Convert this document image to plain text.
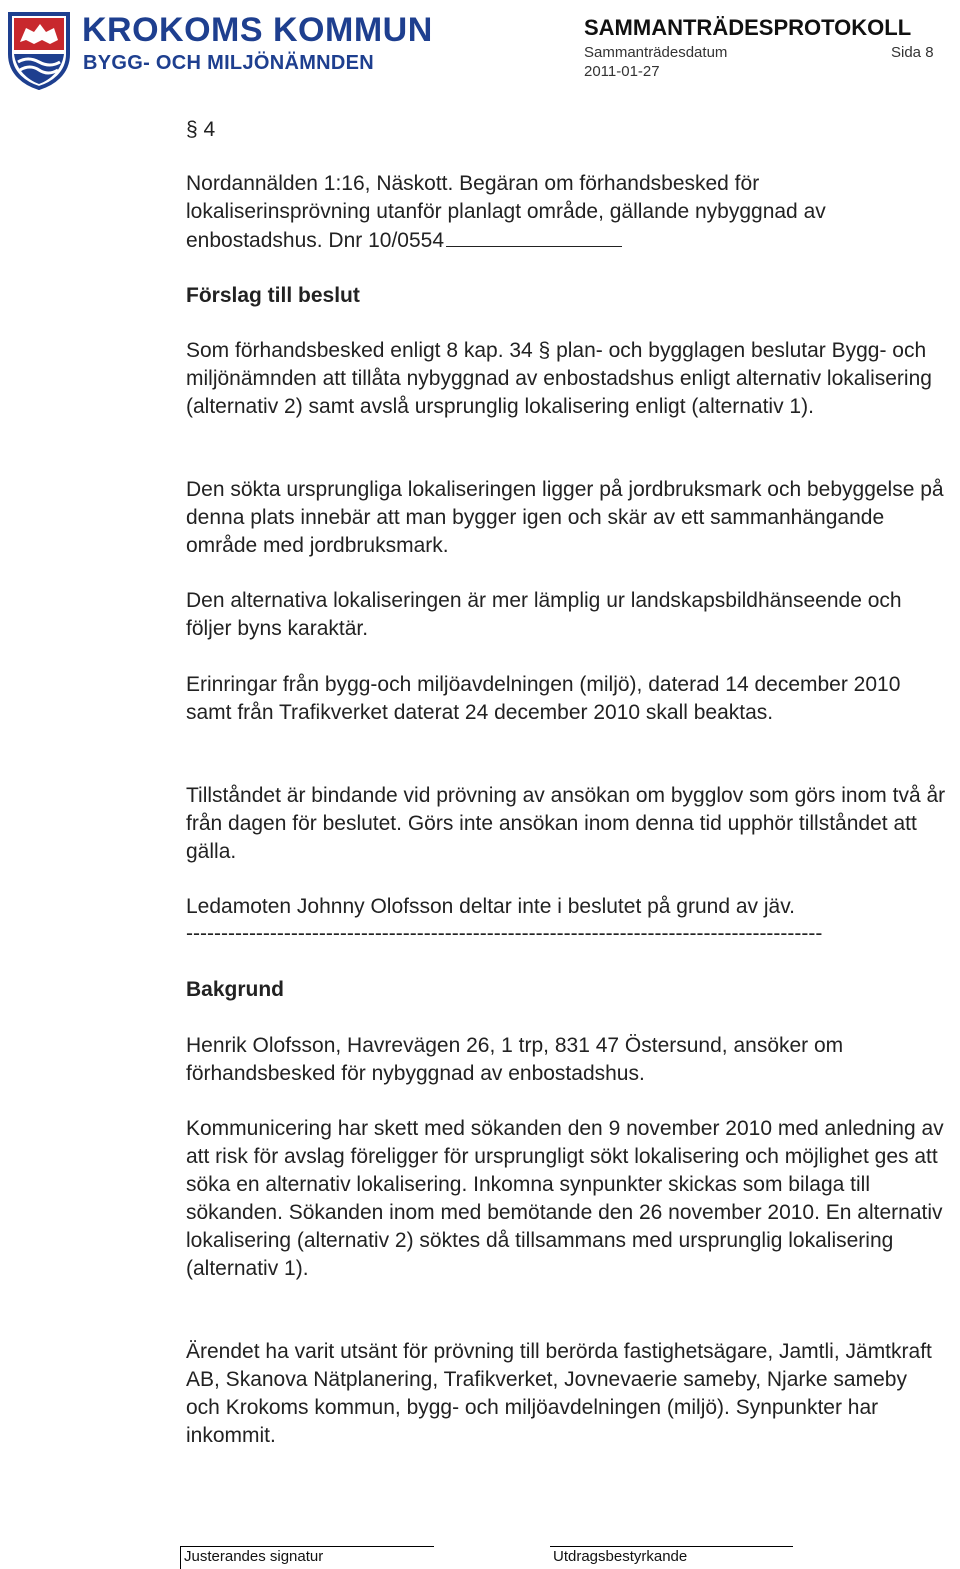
KROKOMS KOMMUN
BYGG- OCH MILJÖNÄMNDEN
SAMMANTRÄDESPROTOKOLL
Sammanträdesdatum	Sida 8
2011-01-27

§ 4

Nordannälden 1:16, Näskott. Begäran om förhandsbesked för lokaliserinsprövning utanför planlagt område, gällande nybyggnad av enbostadshus. Dnr 10/0554

Förslag till beslut

Som förhandsbesked enligt 8 kap. 34 § plan- och bygglagen beslutar Bygg- och miljönämnden att tillåta nybyggnad av enbostadshus enligt alternativ lokalisering (alternativ 2) samt avslå ursprunglig lokalisering enligt (alternativ 1).

Den sökta ursprungliga lokaliseringen ligger på jordbruksmark och bebyggelse på denna plats innebär att man bygger igen och skär av ett sammanhängande område med jordbruksmark.

Den alternativa lokaliseringen är mer lämplig ur landskapsbildhänseende och följer byns karaktär.

Erinringar från bygg-och miljöavdelningen (miljö), daterad 14 december 2010 samt från Trafikverket daterat 24 december 2010 skall beaktas.

Tillståndet är bindande vid prövning av ansökan om bygglov som görs inom två år från dagen för beslutet. Görs inte ansökan inom denna tid upphör tillståndet att gälla.

Ledamoten Johnny Olofsson deltar inte i beslutet på grund av jäv.

-------------------------------------------------------------------------------------------

Bakgrund

Henrik Olofsson, Havrevägen 26, 1 trp, 831 47 Östersund, ansöker om förhandsbesked för nybyggnad av enbostadshus.

Kommunicering har skett med sökanden den 9 november 2010 med anledning av att risk för avslag föreligger för ursprungligt sökt lokalisering och möjlighet ges att söka en alternativ lokalisering. Inkomna synpunkter skickas som bilaga till sökanden. Sökanden inom med bemötande den 26 november 2010. En alternativ lokalisering (alternativ 2) söktes då tillsammans med ursprunglig lokalisering (alternativ 1).

Ärendet ha varit utsänt för prövning till berörda fastighetsägare, Jamtli, Jämtkraft AB, Skanova Nätplanering, Trafikverket, Jovnevaerie sameby, Njarke sameby och Krokoms kommun, bygg- och miljöavdelningen (miljö). Synpunkter har inkommit.

Justerandes signatur	Utdragsbestyrkande
